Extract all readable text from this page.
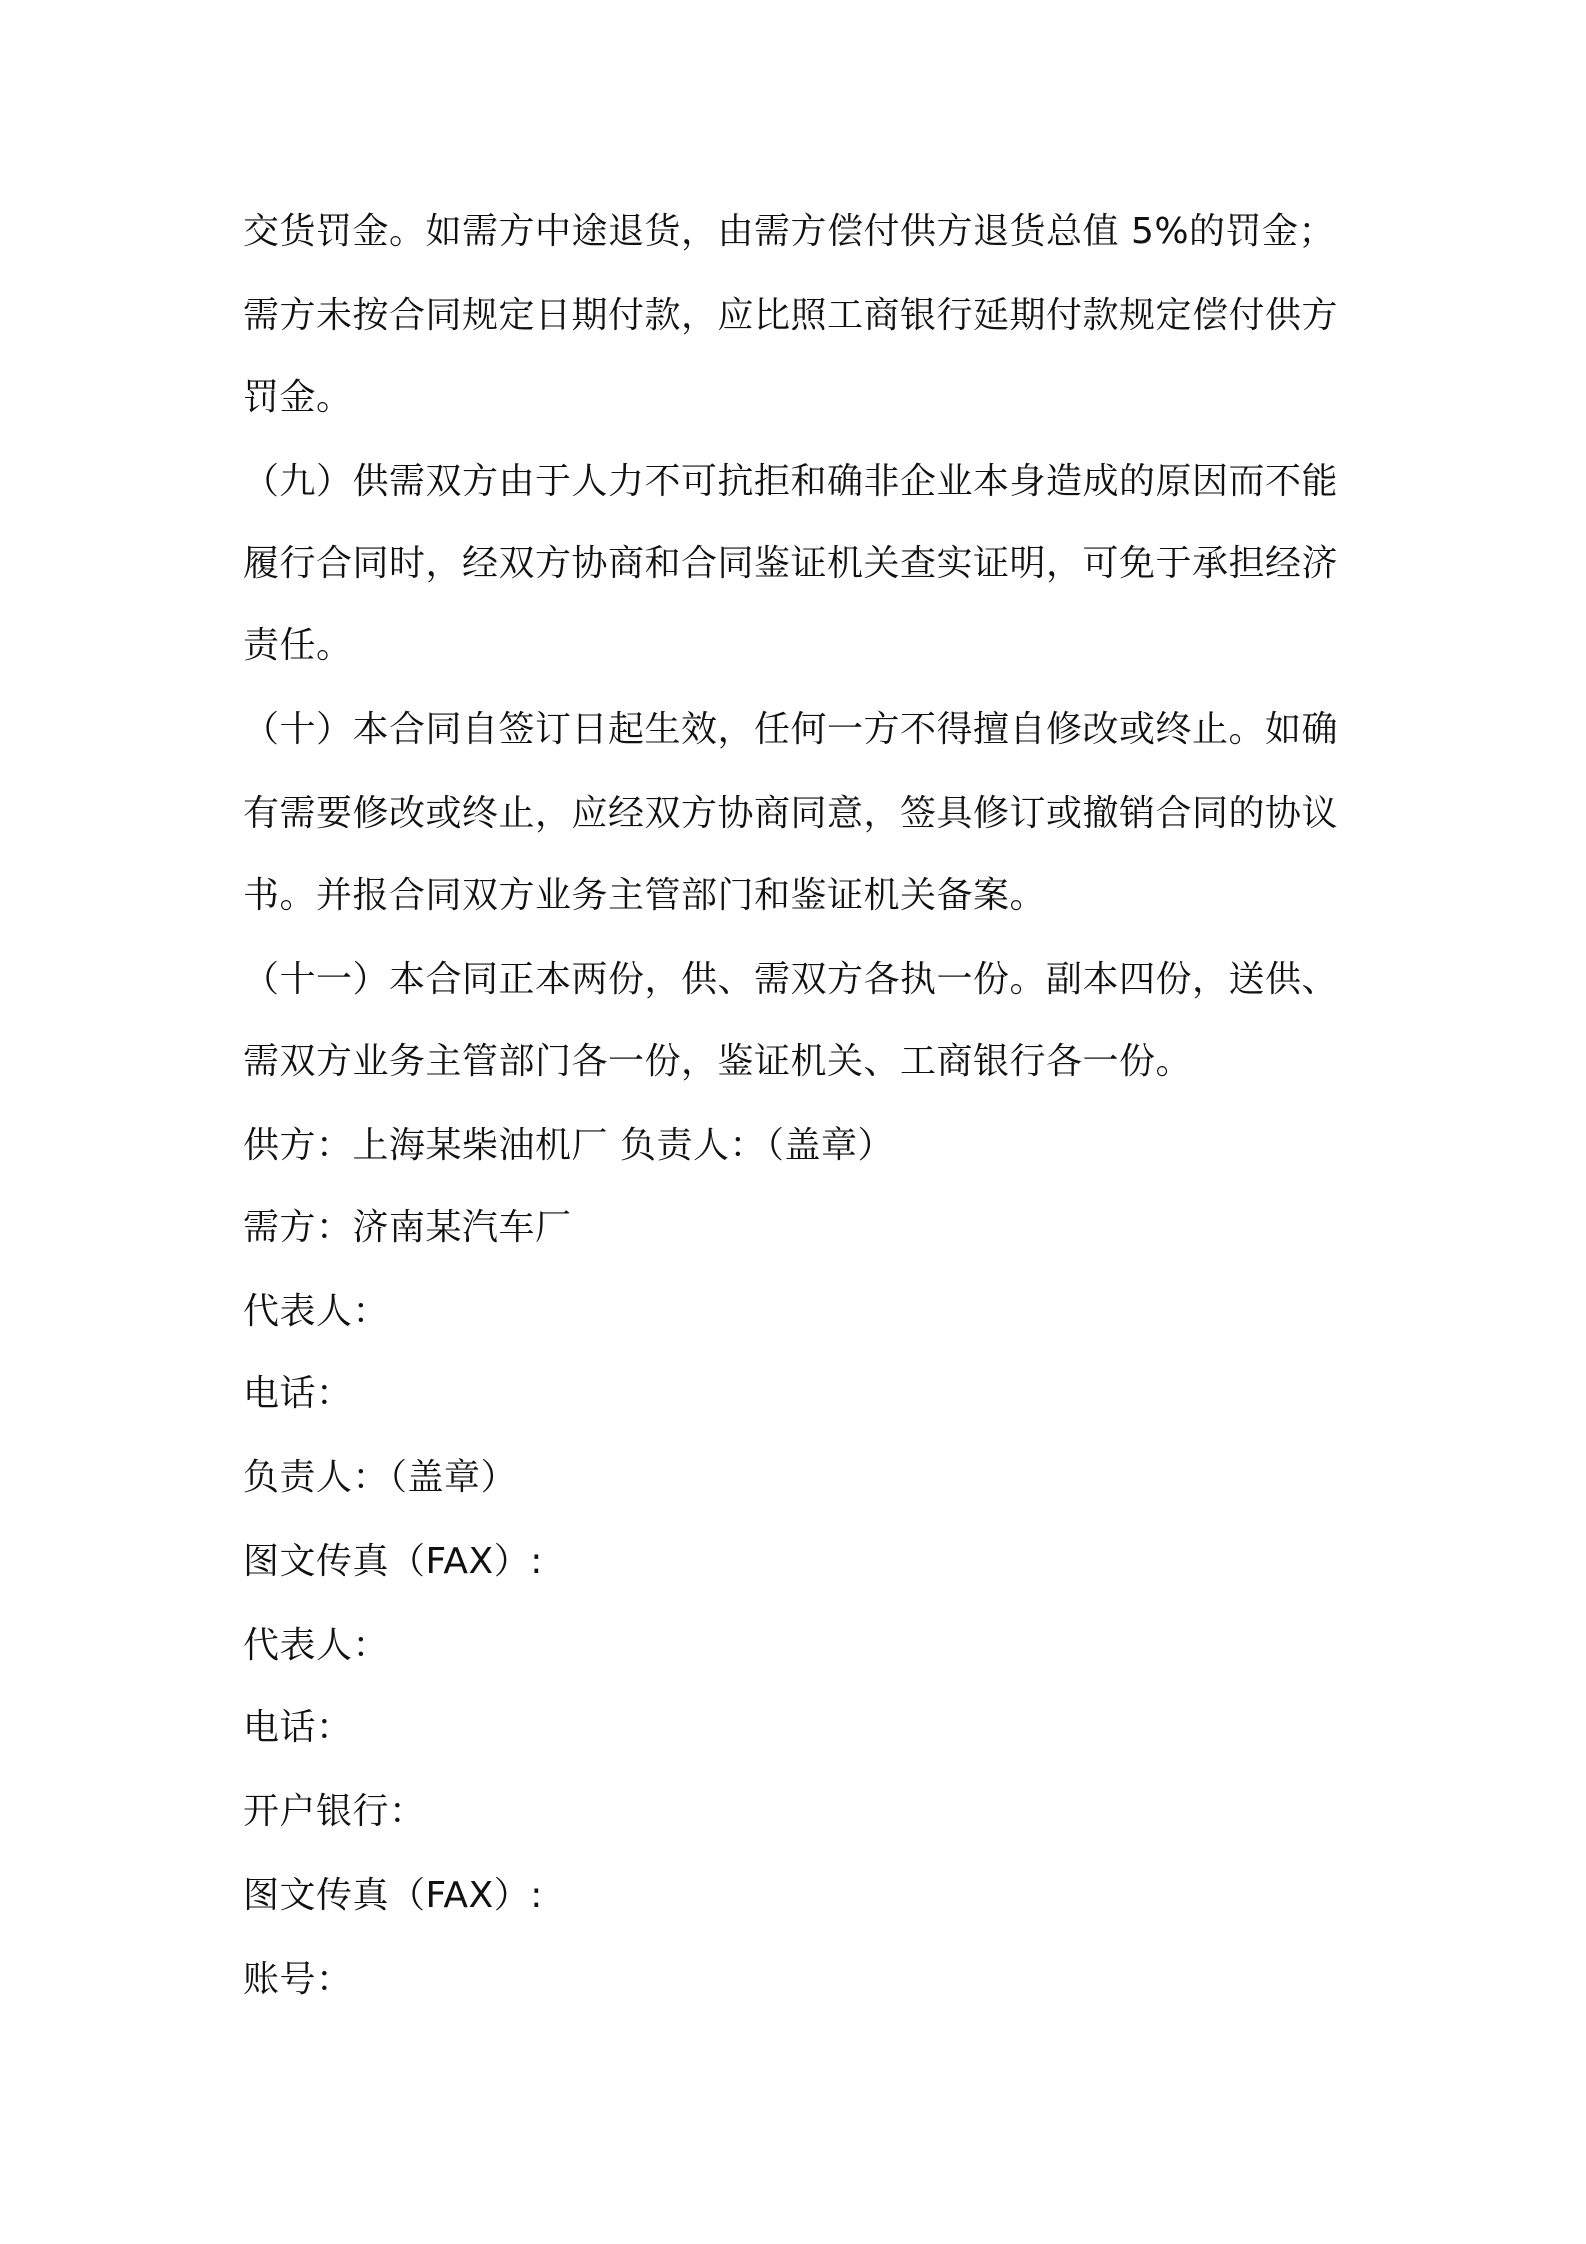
交货罚金。如需方中途退货，由需方偿付供方退货总值 5%的罚金；
需方未按合同规定日期付款，应比照工商银行延期付款规定偿付供方
罚金。
（九）供需双方由于人力不可抗拒和确非企业本身造成的原因而不能
履行合同时，经双方协商和合同鉴证机关查实证明，可免于承担经济
责任。
（十）本合同自签订日起生效，任何一方不得擅自修改或终止。如确
有需要修改或终止，应经双方协商同意，签具修订或撤销合同的协议
书。并报合同双方业务主管部门和鉴证机关备案。
（十一）本合同正本两份，供、需双方各执一份。副本四份，送供、
需双方业务主管部门各一份，鉴证机关、工商银行各一份。
供方：上海某柴油机厂 负责人：（盖章）
需方：济南某汽车厂
代表人：
电话：
负责人：（盖章）
图文传真（FAX）:
代表人：
电话：
开户银行：
图文传真（FAX）:
账号：
